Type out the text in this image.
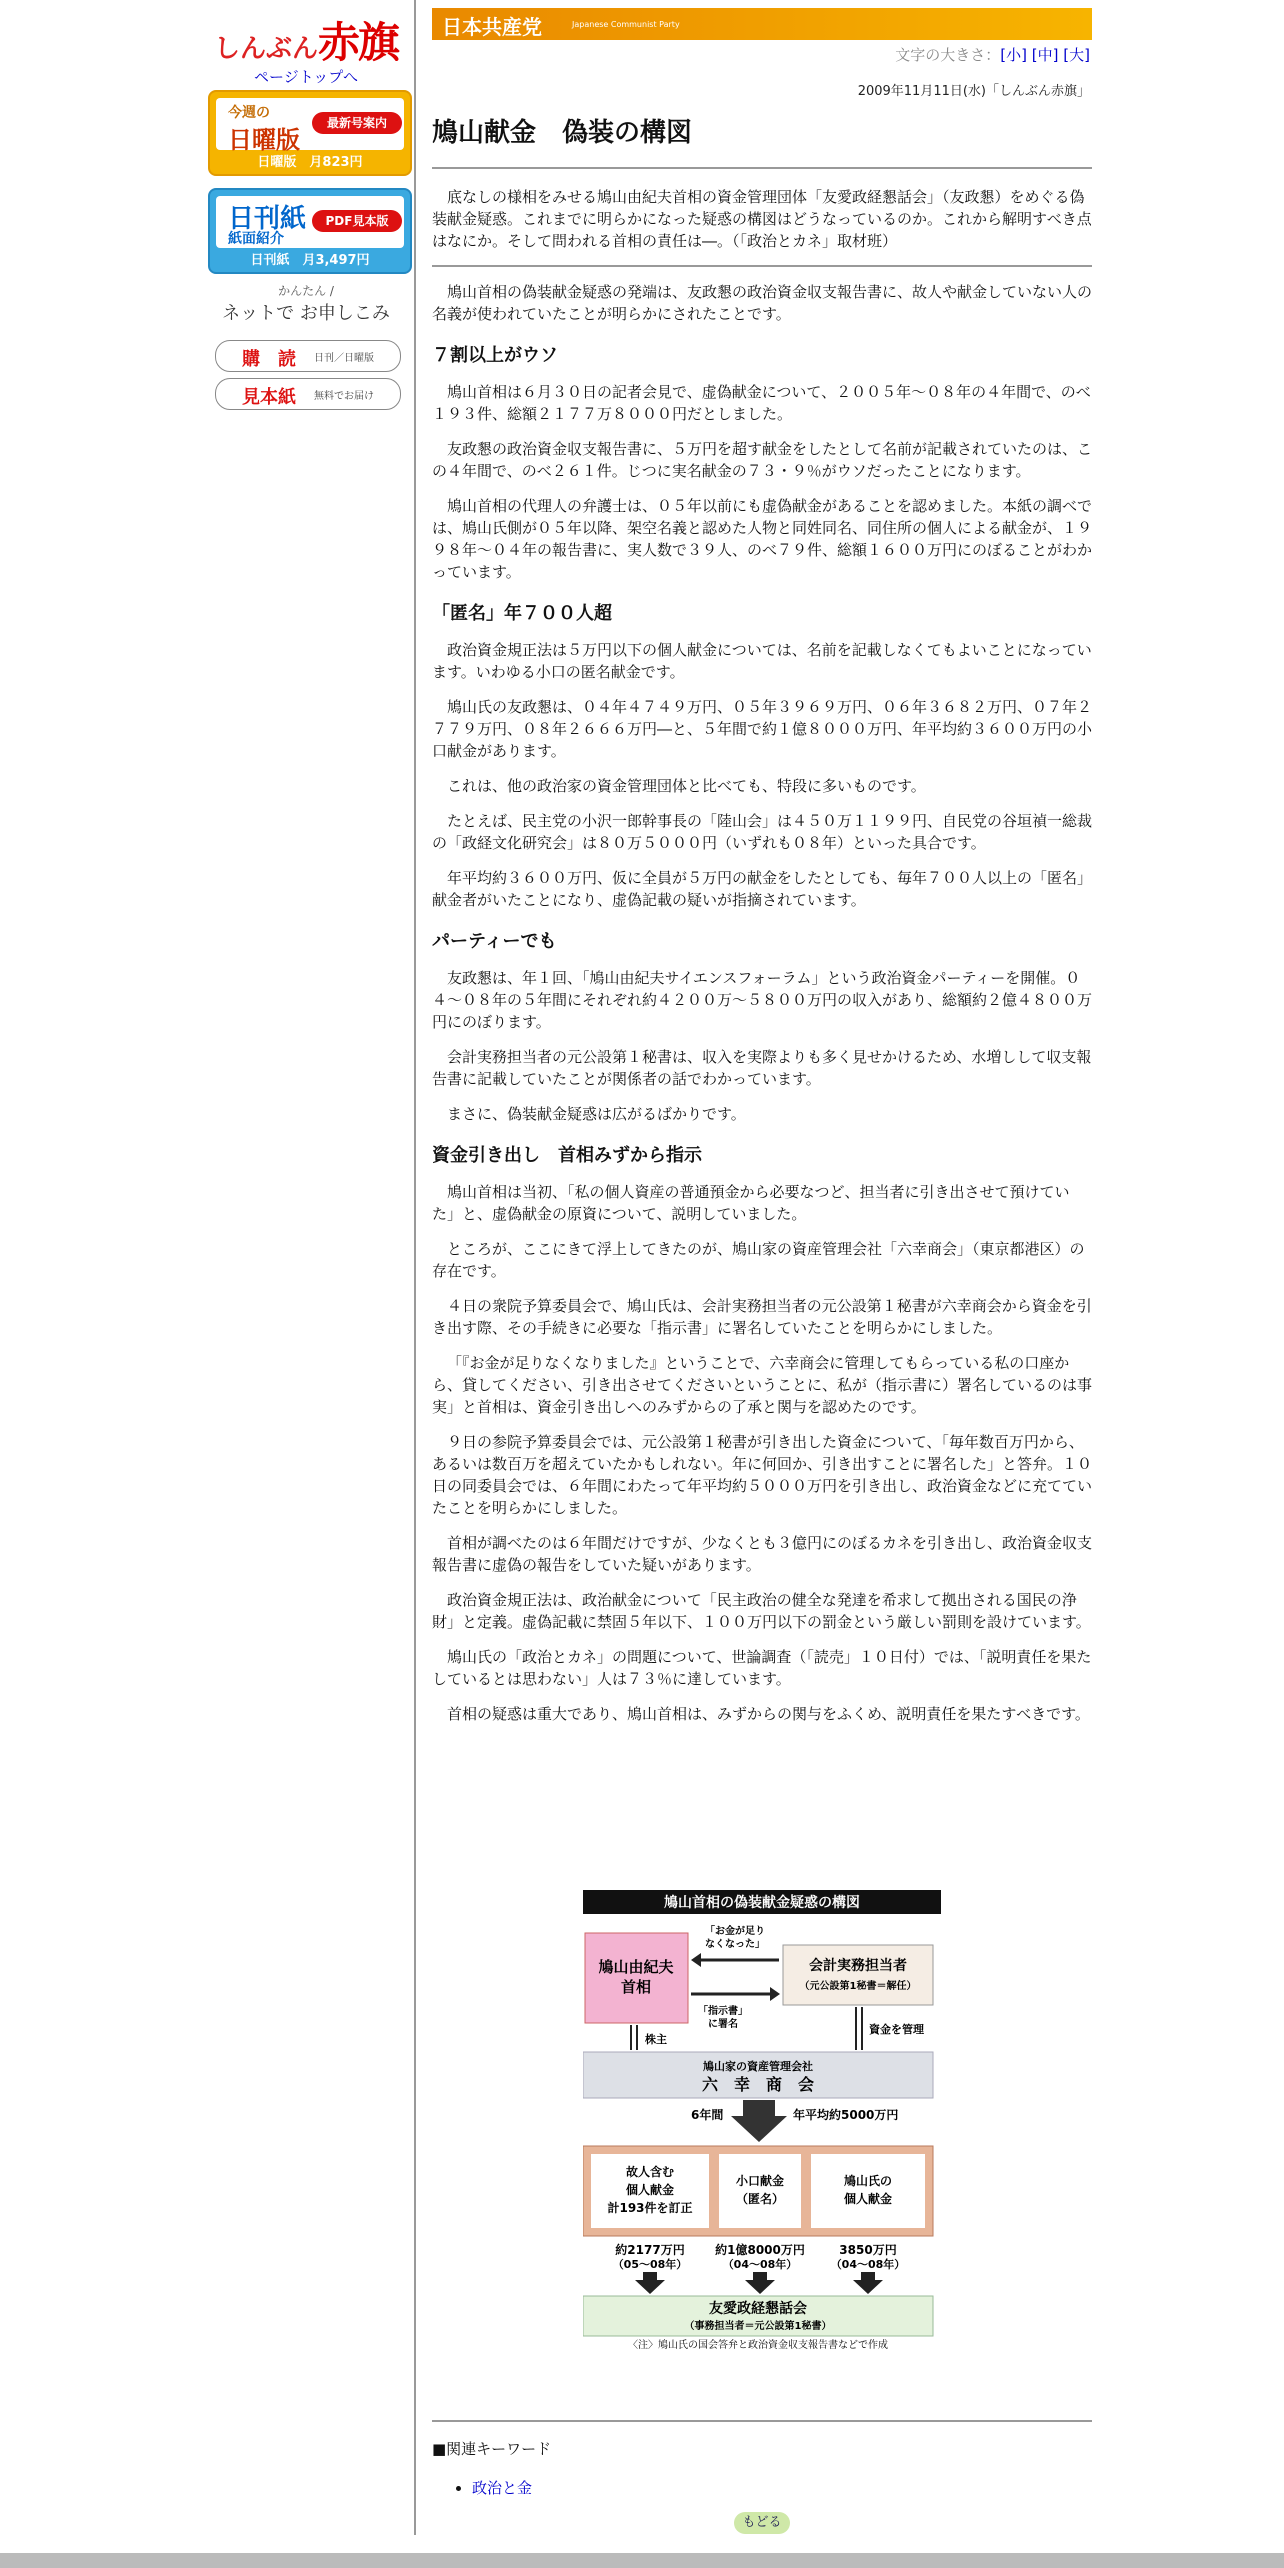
しんぶん赤旗
ページトップへ
今週の
日曜版
最新号案内
日曜版　月823円
日刊紙
紙面紹介
PDF見本版
日刊紙　月3,497円
かんたん /
ネットで お申しこみ
購　読	日刊／日曜版
見本紙	無料でお届け
日本共産党	Japanese Communist Party
文字の大きさ：[小] [中] [大]
2009年11月11日(水)「しんぶん赤旗」
鳩山献金　偽装の構図

底なしの様相をみせる鳩山由紀夫首相の資金管理団体「友愛政経懇話会」（友政懇）をめぐる偽装献金疑惑。これまでに明らかになった疑惑の構図はどうなっているのか。これから解明すべき点はなにか。そして問われる首相の責任は―。（「政治とカネ」取材班）

鳩山首相の偽装献金疑惑の発端は、友政懇の政治資金収支報告書に、故人や献金していない人の名義が使われていたことが明らかにされたことです。

７割以上がウソ

鳩山首相は６月３０日の記者会見で、虚偽献金について、２００５年～０８年の４年間で、のべ１９３件、総額２１７７万８０００円だとしました。

友政懇の政治資金収支報告書に、５万円を超す献金をしたとして名前が記載されていたのは、この４年間で、のべ２６１件。じつに実名献金の７３・９％がウソだったことになります。

鳩山首相の代理人の弁護士は、０５年以前にも虚偽献金があることを認めました。本紙の調べでは、鳩山氏側が０５年以降、架空名義と認めた人物と同姓同名、同住所の個人による献金が、１９９８年～０４年の報告書に、実人数で３９人、のべ７９件、総額１６００万円にのぼることがわかっています。

「匿名」年７００人超

政治資金規正法は５万円以下の個人献金については、名前を記載しなくてもよいことになっています。いわゆる小口の匿名献金です。

鳩山氏の友政懇は、０４年４７４９万円、０５年３９６９万円、０６年３６８２万円、０７年２７７９万円、０８年２６６６万円―と、５年間で約１億８０００万円、年平均約３６００万円の小口献金があります。

これは、他の政治家の資金管理団体と比べても、特段に多いものです。

たとえば、民主党の小沢一郎幹事長の「陸山会」は４５０万１１９９円、自民党の谷垣禎一総裁の「政経文化研究会」は８０万５０００円（いずれも０８年）といった具合です。

年平均約３６００万円、仮に全員が５万円の献金をしたとしても、毎年７００人以上の「匿名」献金者がいたことになり、虚偽記載の疑いが指摘されています。

パーティーでも

友政懇は、年１回、「鳩山由紀夫サイエンスフォーラム」という政治資金パーティーを開催。０４～０８年の５年間にそれぞれ約４２００万～５８００万円の収入があり、総額約２億４８００万円にのぼります。

会計実務担当者の元公設第１秘書は、収入を実際よりも多く見せかけるため、水増しして収支報告書に記載していたことが関係者の話でわかっています。

まさに、偽装献金疑惑は広がるばかりです。

資金引き出し　首相みずから指示

鳩山首相は当初、「私の個人資産の普通預金から必要なつど、担当者に引き出させて預けていた」と、虚偽献金の原資について、説明していました。

ところが、ここにきて浮上してきたのが、鳩山家の資産管理会社「六幸商会」（東京都港区）の存在です。

４日の衆院予算委員会で、鳩山氏は、会計実務担当者の元公設第１秘書が六幸商会から資金を引き出す際、その手続きに必要な「指示書」に署名していたことを明らかにしました。

「『お金が足りなくなりました』ということで、六幸商会に管理してもらっている私の口座から、貸してください、引き出させてくださいということに、私が（指示書に）署名しているのは事実」と首相は、資金引き出しへのみずからの了承と関与を認めたのです。

９日の参院予算委員会では、元公設第１秘書が引き出した資金について、「毎年数百万円から、あるいは数百万を超えていたかもしれない。年に何回か、引き出すことに署名した」と答弁。１０日の同委員会では、６年間にわたって年平均約５０００万円を引き出し、政治資金などに充てていたことを明らかにしました。

首相が調べたのは６年間だけですが、少なくとも３億円にのぼるカネを引き出し、政治資金収支報告書に虚偽の報告をしていた疑いがあります。

政治資金規正法は、政治献金について「民主政治の健全な発達を希求して拠出される国民の浄財」と定義。虚偽記載に禁固５年以下、１００万円以下の罰金という厳しい罰則を設けています。

鳩山氏の「政治とカネ」の問題について、世論調査（「読売」１０日付）では、「説明責任を果たしているとは思わない」人は７３％に達しています。

首相の疑惑は重大であり、鳩山首相は、みずからの関与をふくめ、説明責任を果たすべきです。

鳩山首相の偽装献金疑惑の構図
鳩山由紀夫
首相
会計実務担当者
（元公設第1秘書＝解任）
「お金が足り
なくなった」
「指示書」
に署名
株主
資金を管理
鳩山家の資産管理会社
六　幸　商　会
6年間	年平均約5000万円
故人含む
個人献金
計193件を訂正
小口献金
（匿名）
鳩山氏の
個人献金
約2177万円
（05～08年）
約1億8000万円
（04～08年）
3850万円
（04～08年）
友愛政経懇話会
（事務担当者＝元公設第1秘書）
〈注〉鳩山氏の国会答弁と政治資金収支報告書などで作成
■関連キーワード
• 政治と金
もどる
